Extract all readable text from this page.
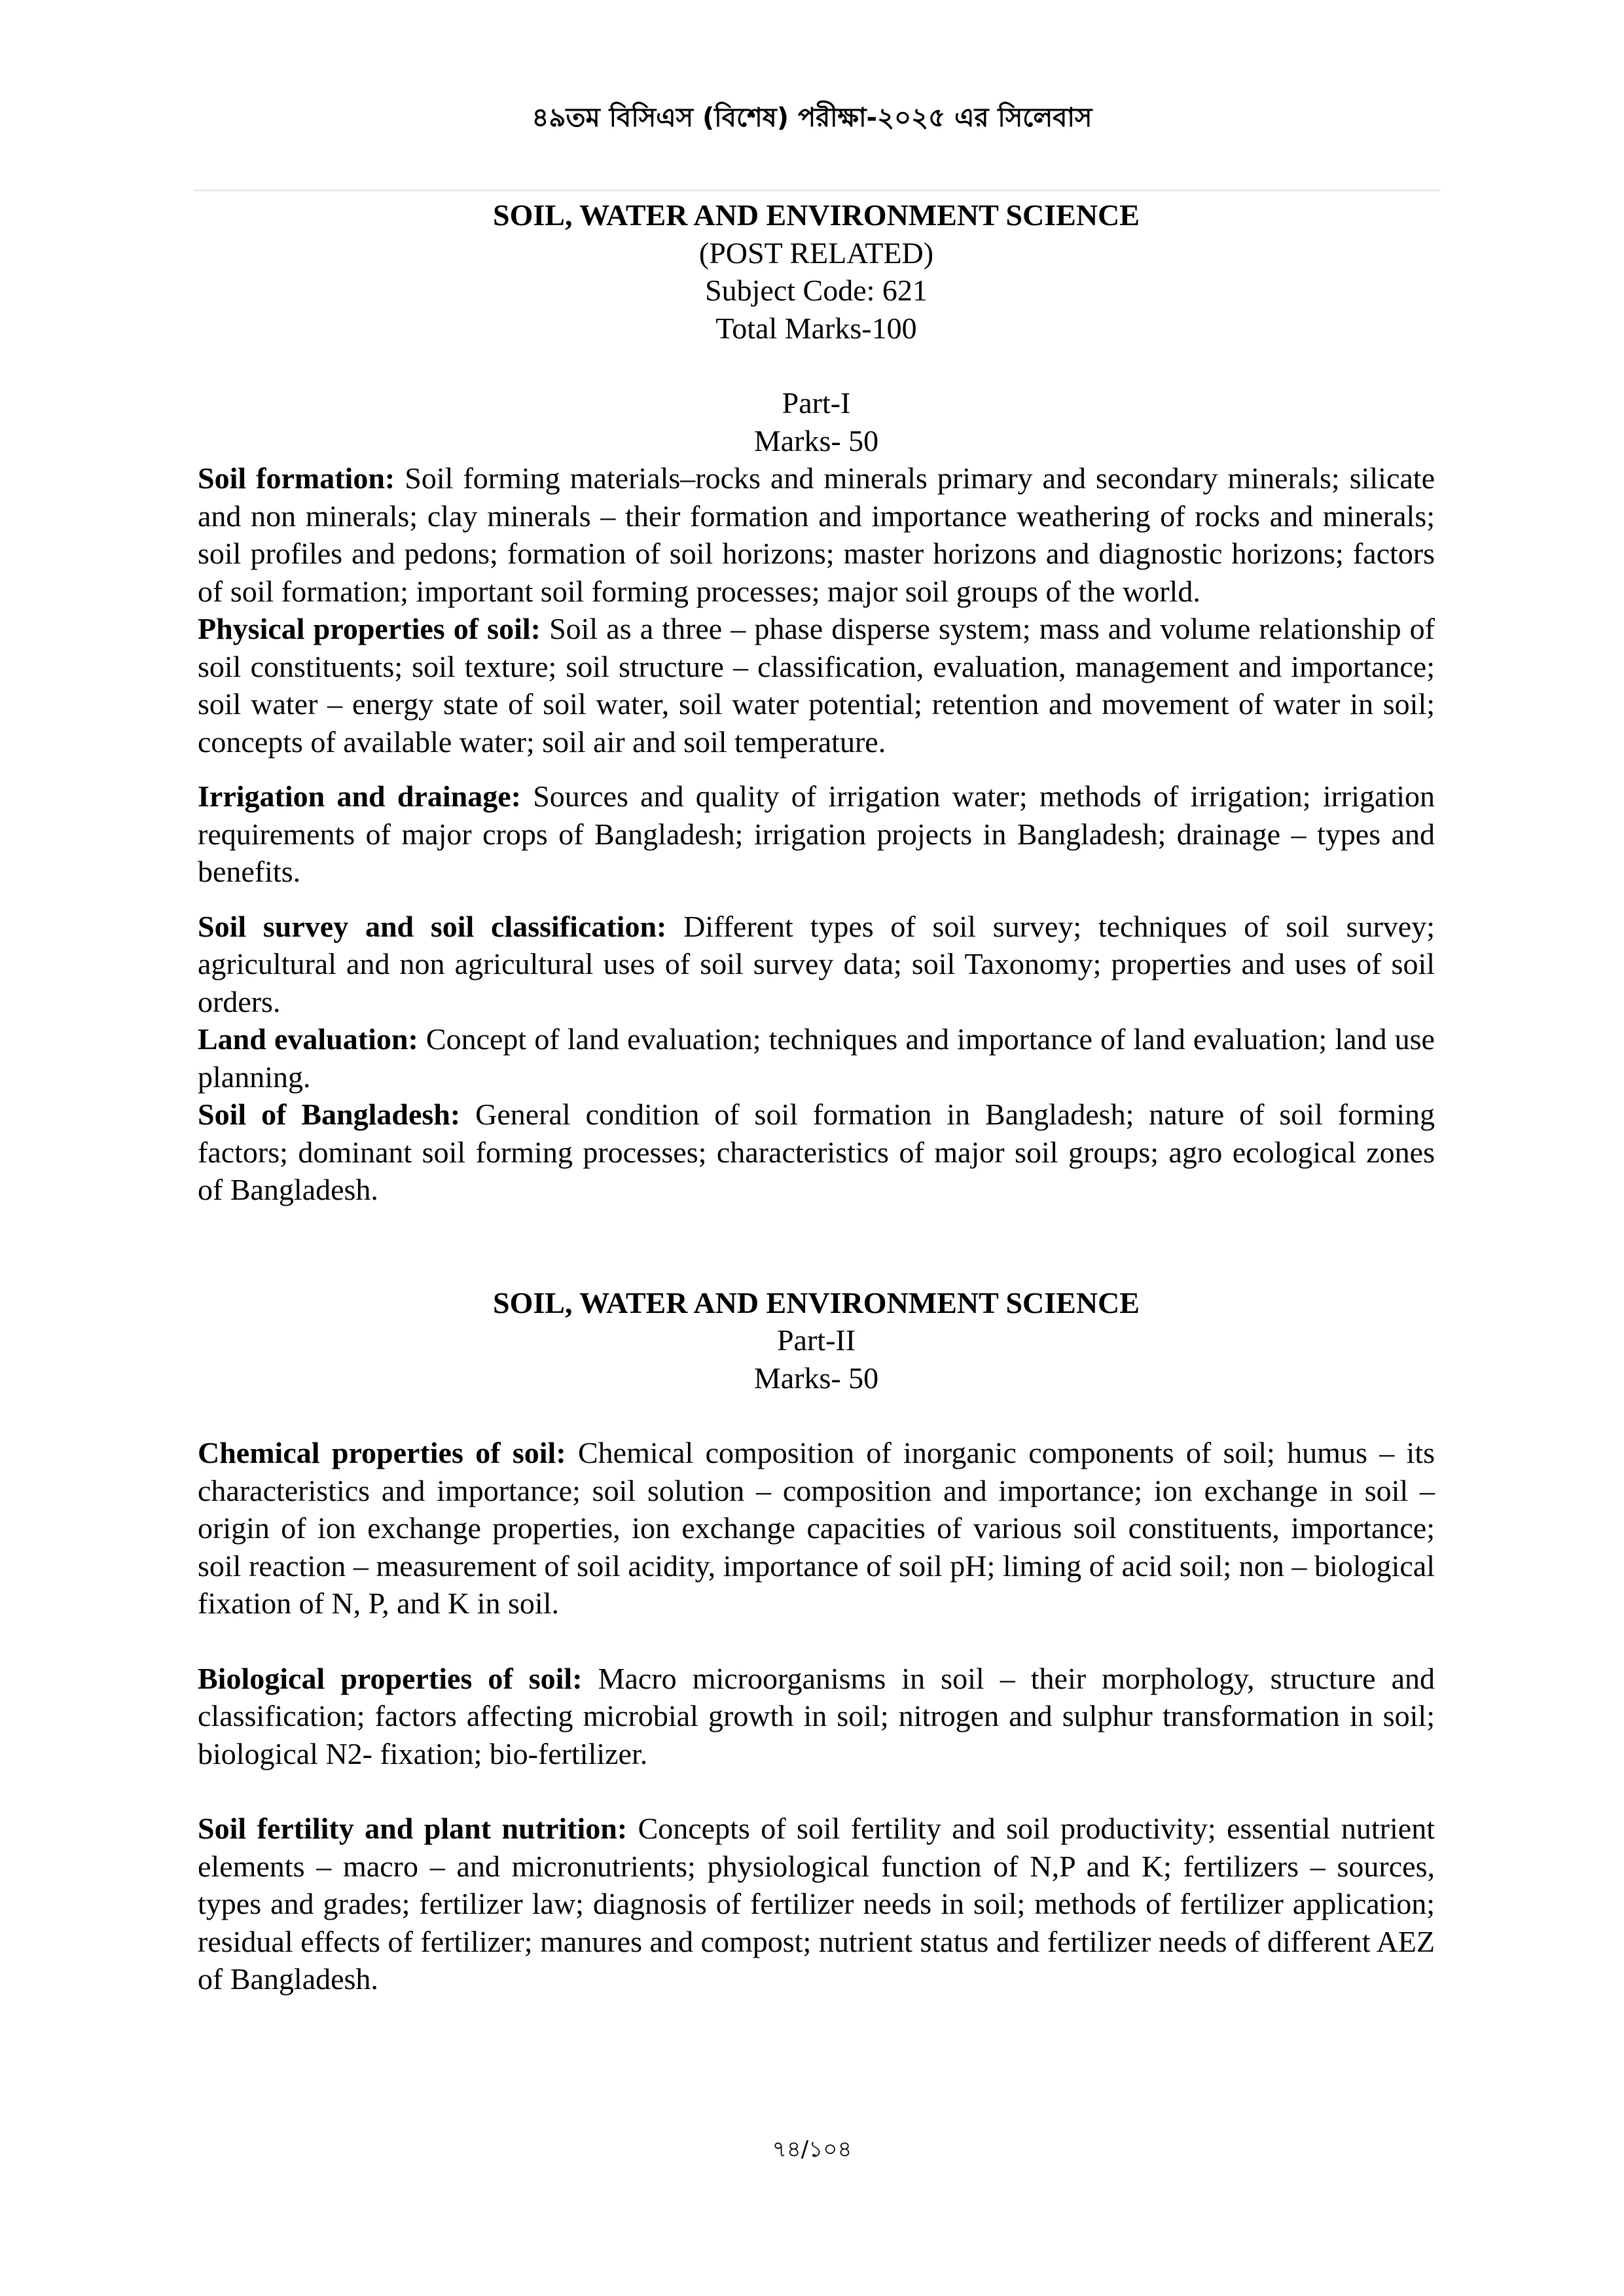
৪৯তম বিসিএস (বিশেষ) পরীক্ষা-২০২৫ এর সিলেবাস
SOIL, WATER AND ENVIRONMENT SCIENCE
(POST RELATED)
Subject Code: 621
Total Marks-100
Part-I
Marks- 50

Soil formation: Soil forming materials–rocks and minerals primary and secondary minerals; silicate and non minerals; clay minerals – their formation and importance weathering of rocks and minerals; soil profiles and pedons; formation of soil horizons; master horizons and diagnostic horizons; factors of soil formation; important soil forming processes; major soil groups of the world.

Physical properties of soil: Soil as a three – phase disperse system; mass and volume relationship of soil constituents; soil texture; soil structure – classification, evaluation, management and importance; soil water – energy state of soil water, soil water potential; retention and movement of water in soil; concepts of available water; soil air and soil temperature.

Irrigation and drainage: Sources and quality of irrigation water; methods of irrigation; irrigation requirements of major crops of Bangladesh; irrigation projects in Bangladesh; drainage – types and benefits.

Soil survey and soil classification: Different types of soil survey; techniques of soil survey; agricultural and non agricultural uses of soil survey data; soil Taxonomy; properties and uses of soil orders.

Land evaluation: Concept of land evaluation; techniques and importance of land evaluation; land use planning.

Soil of Bangladesh: General condition of soil formation in Bangladesh; nature of soil forming factors; dominant soil forming processes; characteristics of major soil groups; agro ecological zones of Bangladesh.

SOIL, WATER AND ENVIRONMENT SCIENCE
Part-II
Marks- 50

Chemical properties of soil: Chemical composition of inorganic components of soil; humus – its characteristics and importance; soil solution – composition and importance; ion exchange in soil – origin of ion exchange properties, ion exchange capacities of various soil constituents, importance; soil reaction – measurement of soil acidity, importance of soil pH; liming of acid soil; non – biological fixation of N, P, and K in soil.

Biological properties of soil: Macro microorganisms in soil – their morphology, structure and classification; factors affecting microbial growth in soil; nitrogen and sulphur transformation in soil; biological N2- fixation; bio-fertilizer.

Soil fertility and plant nutrition: Concepts of soil fertility and soil productivity; essential nutrient elements – macro – and micronutrients; physiological function of N,P and K; fertilizers – sources, types and grades; fertilizer law; diagnosis of fertilizer needs in soil; methods of fertilizer application; residual effects of fertilizer; manures and compost; nutrient status and fertilizer needs of different AEZ of Bangladesh.

৭৪/১০৪
